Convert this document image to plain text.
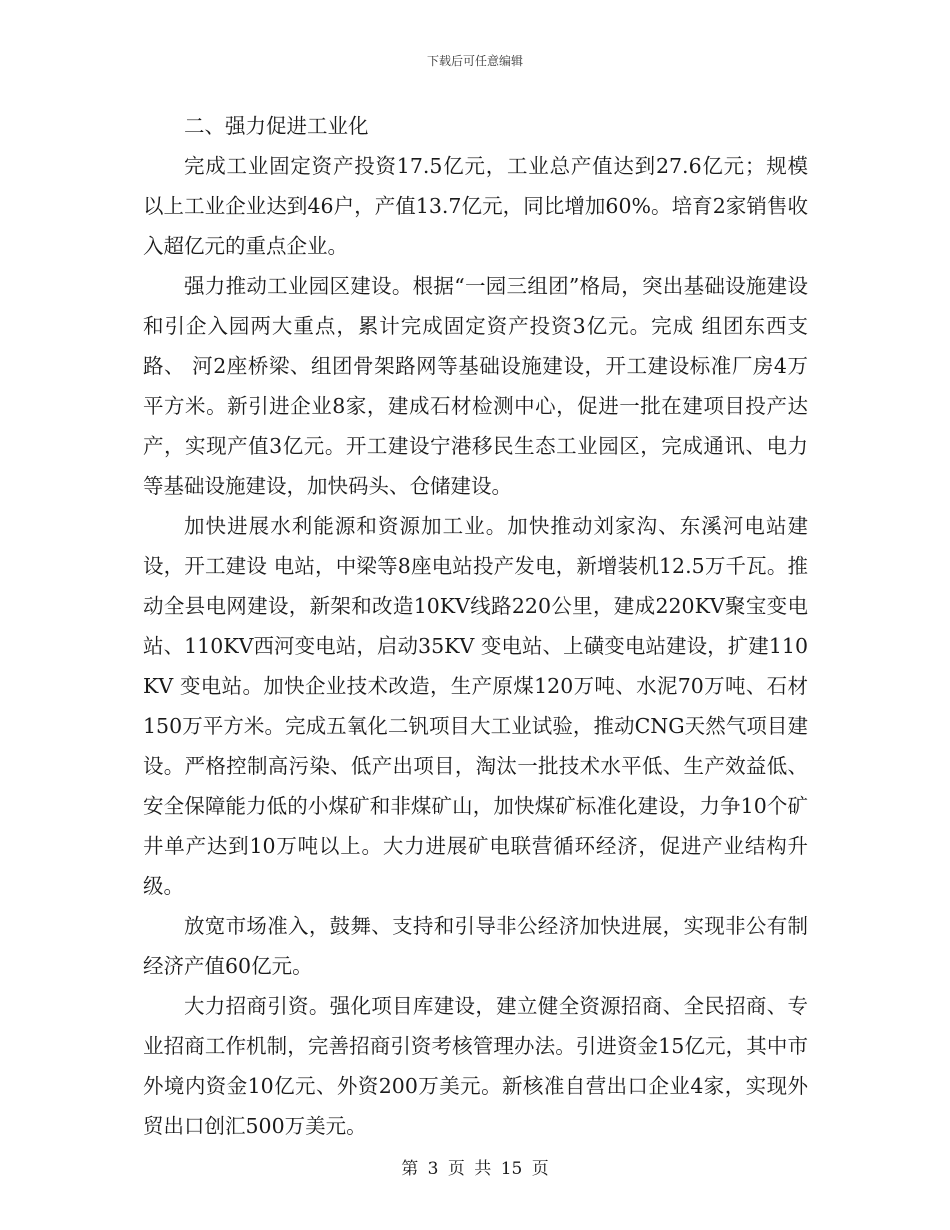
下载后可任意编辑

二、强力促进工业化

完成工业固定资产投资17.5亿元，工业总产值达到27.6亿元；规模以上工业企业达到46户，产值13.7亿元，同比增加60%。培育2家销售收入超亿元的重点企业。

强力推动工业园区建设。根据“一园三组团”格局，突出基础设施建设和引企入园两大重点，累计完成固定资产投资3亿元。完成 组团东西支路、 河2座桥梁、组团骨架路网等基础设施建设，开工建设标准厂房4万平方米。新引进企业8家，建成石材检测中心，促进一批在建项目投产达产，实现产值3亿元。开工建设宁港移民生态工业园区，完成通讯、电力等基础设施建设，加快码头、仓储建设。

加快进展水利能源和资源加工业。加快推动刘家沟、东溪河电站建设，开工建设 电站，中梁等8座电站投产发电，新增装机12.5万千瓦。推动全县电网建设，新架和改造10KV线路220公里，建成220KV聚宝变电站、110KV西河变电站，启动35KV 变电站、上磺变电站建设，扩建110KV 变电站。加快企业技术改造，生产原煤120万吨、水泥70万吨、石材150万平方米。完成五氧化二钒项目大工业试验，推动CNG天然气项目建设。严格控制高污染、低产出项目，淘汰一批技术水平低、生产效益低、安全保障能力低的小煤矿和非煤矿山，加快煤矿标准化建设，力争10个矿井单产达到10万吨以上。大力进展矿电联营循环经济，促进产业结构升级。

放宽市场准入，鼓舞、支持和引导非公经济加快进展，实现非公有制经济产值60亿元。

大力招商引资。强化项目库建设，建立健全资源招商、全民招商、专业招商工作机制，完善招商引资考核管理办法。引进资金15亿元，其中市外境内资金10亿元、外资200万美元。新核准自营出口企业4家，实现外贸出口创汇500万美元。

第 3 页 共 15 页
